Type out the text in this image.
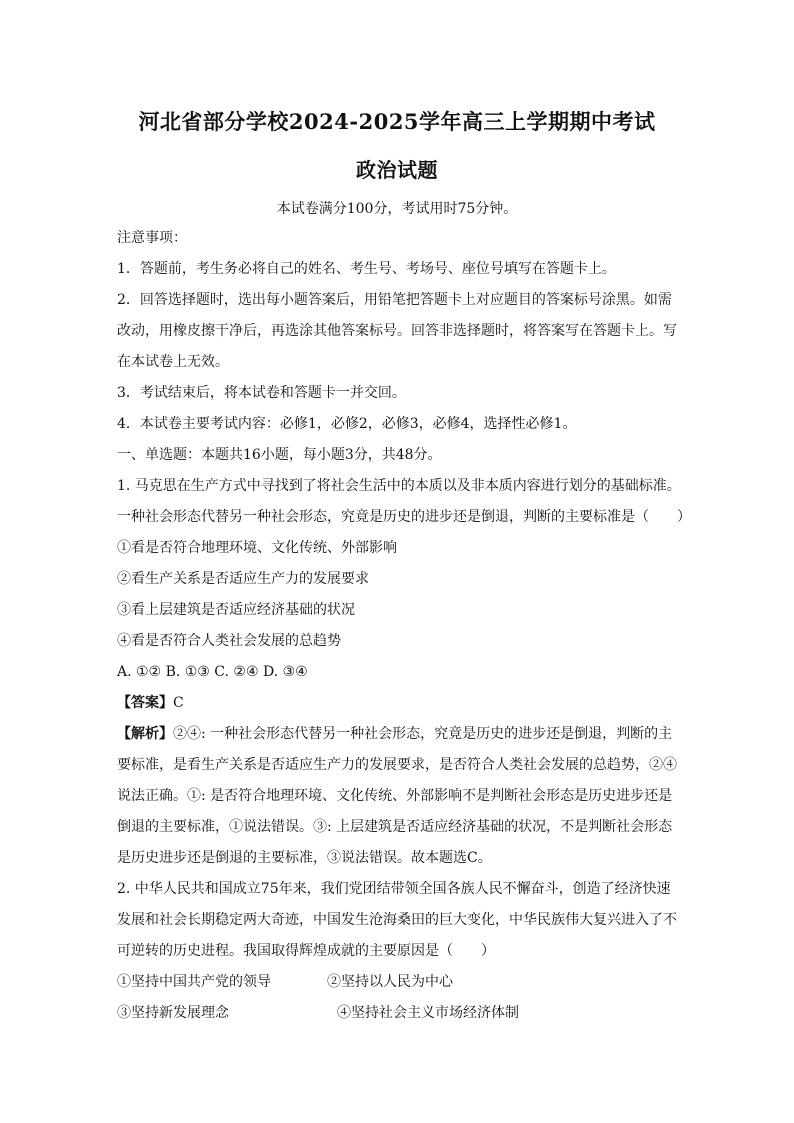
河北省部分学校2024-2025学年高三上学期期中考试
政治试题
本试卷满分100分，考试用时75分钟。

注意事项：

1．答题前，考生务必将自己的姓名、考生号、考场号、座位号填写在答题卡上。

2．回答选择题时，选出每小题答案后，用铅笔把答题卡上对应题目的答案标号涂黑。如需

改动，用橡皮擦干净后，再选涂其他答案标号。回答非选择题时，将答案写在答题卡上。写

在本试卷上无效。

3．考试结束后，将本试卷和答题卡一并交回。

4．本试卷主要考试内容：必修1，必修2，必修3，必修4，选择性必修1。

一、单选题：本题共16小题，每小题3分，共48分。

1. 马克思在生产方式中寻找到了将社会生活中的本质以及非本质内容进行划分的基础标准。

一种社会形态代替另一种社会形态，究竟是历史的进步还是倒退，判断的主要标准是（　　）

①看是否符合地理环境、文化传统、外部影响

②看生产关系是否适应生产力的发展要求

③看上层建筑是否适应经济基础的状况

④看是否符合人类社会发展的总趋势

A. ①② B. ①③ C. ②④ D. ③④

【答案】C

【解析】②④: 一种社会形态代替另一种社会形态，究竟是历史的进步还是倒退，判断的主

要标准，是看生产关系是否适应生产力的发展要求，是否符合人类社会发展的总趋势，②④

说法正确。①: 是否符合地理环境、文化传统、外部影响不是判断社会形态是历史进步还是

倒退的主要标准，①说法错误。③: 上层建筑是否适应经济基础的状况，不是判断社会形态

是历史进步还是倒退的主要标准，③说法错误。故本题选C。

2. 中华人民共和国成立75年来，我们党团结带领全国各族人民不懈奋斗，创造了经济快速

发展和社会长期稳定两大奇迹，中国发生沧海桑田的巨大变化，中华民族伟大复兴进入了不

可逆转的历史进程。我国取得辉煌成就的主要原因是（　　）

①坚持中国共产党的领导	②坚持以人民为中心
③坚持新发展理念	④坚持社会主义市场经济体制
